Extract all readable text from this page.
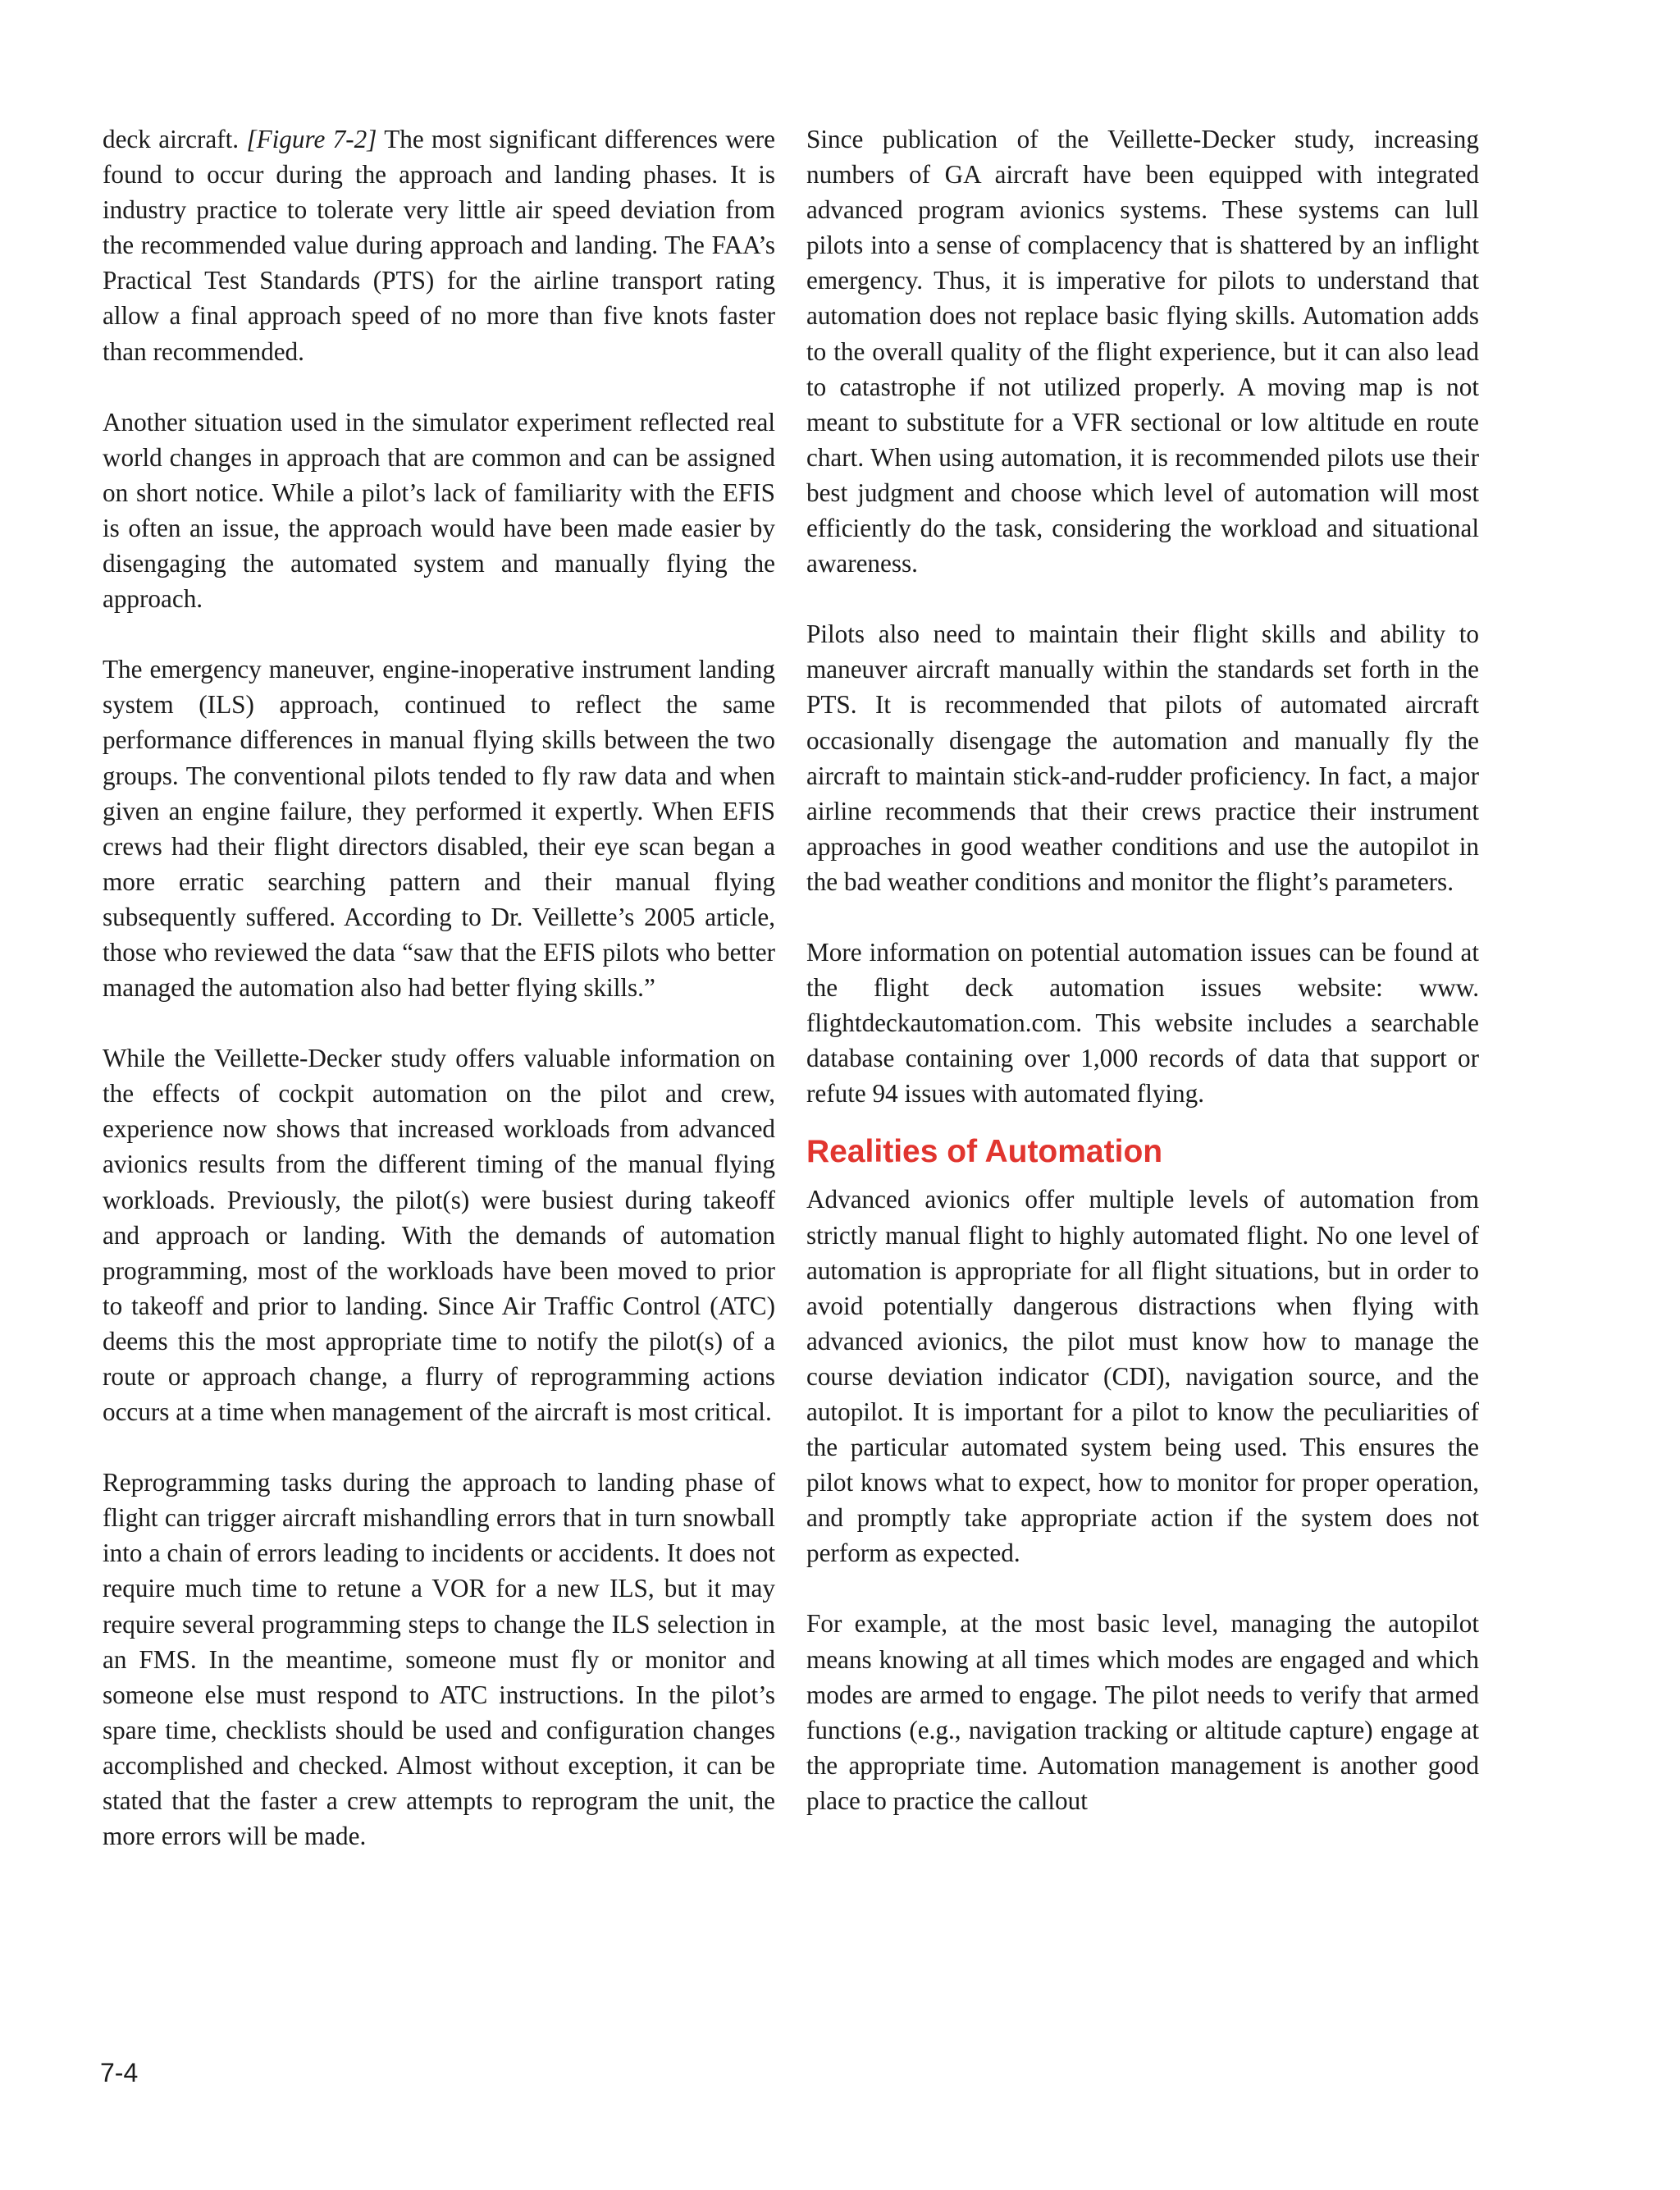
deck aircraft. [Figure 7-2] The most significant differences were found to occur during the approach and landing phases. It is industry practice to tolerate very little air speed deviation from the recommended value during approach and landing. The FAA’s Practical Test Standards (PTS) for the airline transport rating allow a final approach speed of no more than five knots faster than recommended.

Another situation used in the simulator experiment reflected real world changes in approach that are common and can be assigned on short notice. While a pilot’s lack of familiarity with the EFIS is often an issue, the approach would have been made easier by disengaging the automated system and manually flying the approach.

The emergency maneuver, engine-inoperative instrument landing system (ILS) approach, continued to reflect the same performance differences in manual flying skills between the two groups. The conventional pilots tended to fly raw data and when given an engine failure, they performed it expertly. When EFIS crews had their flight directors disabled, their eye scan began a more erratic searching pattern and their manual flying subsequently suffered. According to Dr. Veillette’s 2005 article, those who reviewed the data “saw that the EFIS pilots who better managed the automation also had better flying skills.”

While the Veillette-Decker study offers valuable information on the effects of cockpit automation on the pilot and crew, experience now shows that increased workloads from advanced avionics results from the different timing of the manual flying workloads. Previously, the pilot(s) were busiest during takeoff and approach or landing. With the demands of automation programming, most of the workloads have been moved to prior to takeoff and prior to landing. Since Air Traffic Control (ATC) deems this the most appropriate time to notify the pilot(s) of a route or approach change, a flurry of reprogramming actions occurs at a time when management of the aircraft is most critical.

Reprogramming tasks during the approach to landing phase of flight can trigger aircraft mishandling errors that in turn snowball into a chain of errors leading to incidents or accidents. It does not require much time to retune a VOR for a new ILS, but it may require several programming steps to change the ILS selection in an FMS. In the meantime, someone must fly or monitor and someone else must respond to ATC instructions. In the pilot’s spare time, checklists should be used and configuration changes accomplished and checked. Almost without exception, it can be stated that the faster a crew attempts to reprogram the unit, the more errors will be made.

Since publication of the Veillette-Decker study, increasing numbers of GA aircraft have been equipped with integrated advanced program avionics systems. These systems can lull pilots into a sense of complacency that is shattered by an inflight emergency. Thus, it is imperative for pilots to understand that automation does not replace basic flying skills. Automation adds to the overall quality of the flight experience, but it can also lead to catastrophe if not utilized properly. A moving map is not meant to substitute for a VFR sectional or low altitude en route chart. When using automation, it is recommended pilots use their best judgment and choose which level of automation will most efficiently do the task, considering the workload and situational awareness.

Pilots also need to maintain their flight skills and ability to maneuver aircraft manually within the standards set forth in the PTS. It is recommended that pilots of automated aircraft occasionally disengage the automation and manually fly the aircraft to maintain stick-and-rudder proficiency. In fact, a major airline recommends that their crews practice their instrument approaches in good weather conditions and use the autopilot in the bad weather conditions and monitor the flight’s parameters.

More information on potential automation issues can be found at the flight deck automation issues website: www. flightdeckautomation.com. This website includes a searchable database containing over 1,000 records of data that support or refute 94 issues with automated flying.

Realities of Automation

Advanced avionics offer multiple levels of automation from strictly manual flight to highly automated flight. No one level of automation is appropriate for all flight situations, but in order to avoid potentially dangerous distractions when flying with advanced avionics, the pilot must know how to manage the course deviation indicator (CDI), navigation source, and the autopilot. It is important for a pilot to know the peculiarities of the particular automated system being used. This ensures the pilot knows what to expect, how to monitor for proper operation, and promptly take appropriate action if the system does not perform as expected.

For example, at the most basic level, managing the autopilot means knowing at all times which modes are engaged and which modes are armed to engage. The pilot needs to verify that armed functions (e.g., navigation tracking or altitude capture) engage at the appropriate time. Automation management is another good place to practice the callout

7-4
